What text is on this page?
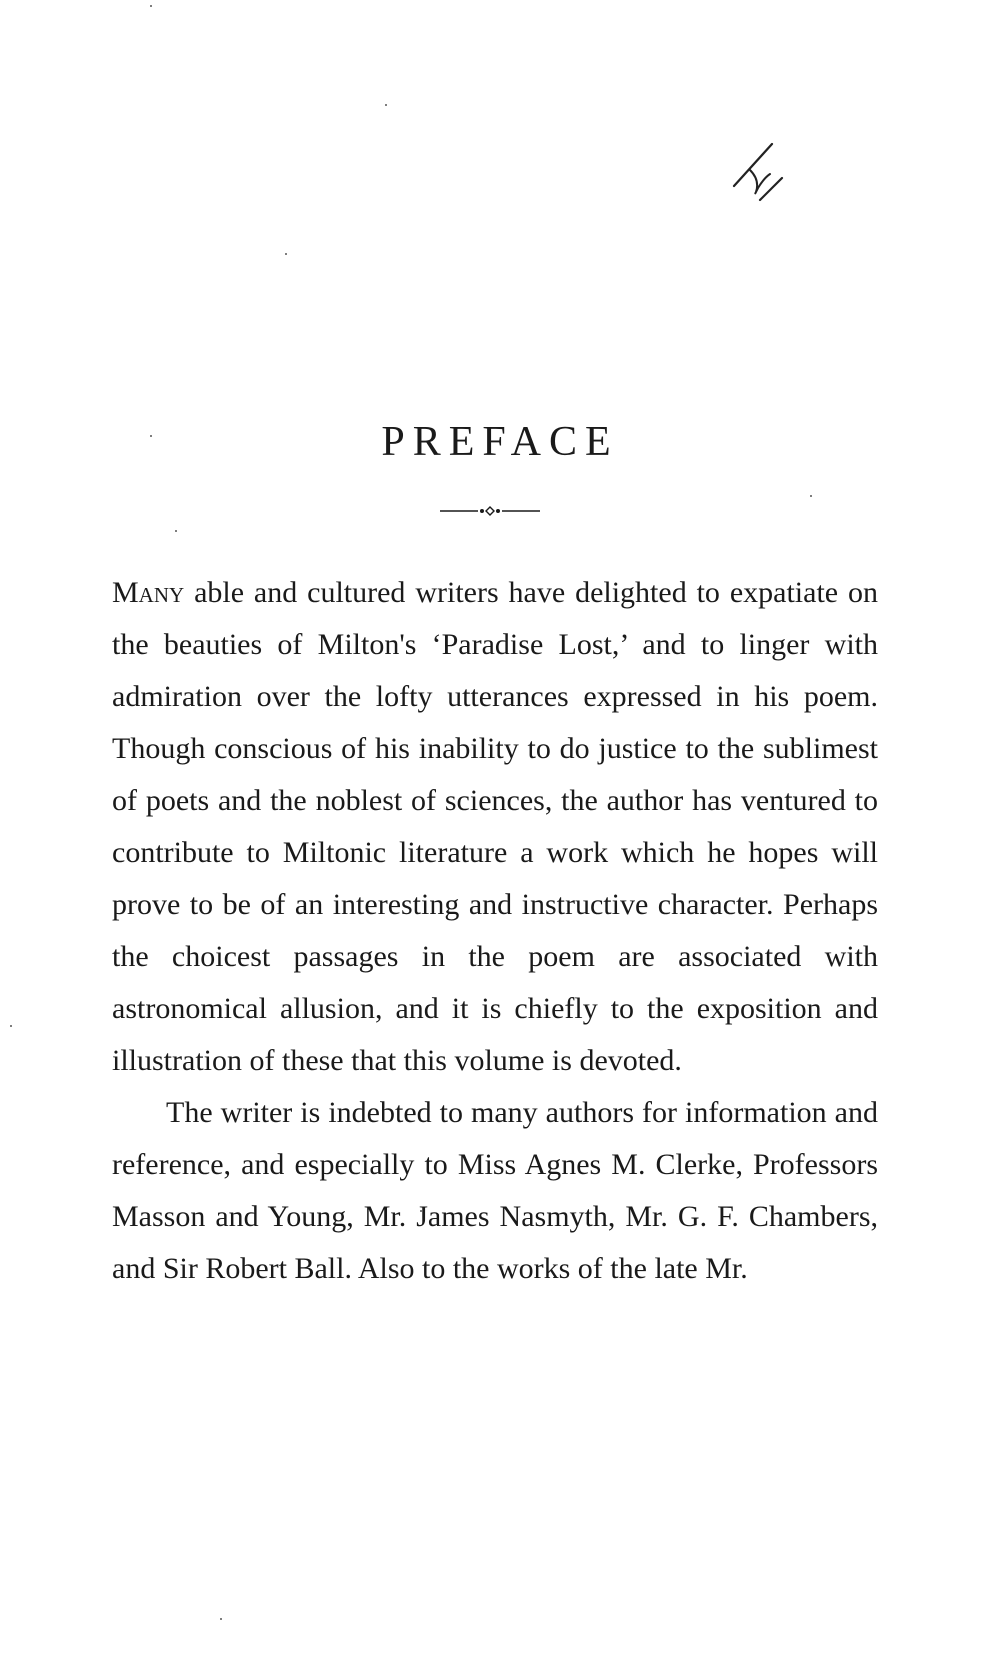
PREFACE

Many able and cultured writers have delighted to expatiate on the beauties of Milton's ‘Paradise Lost,’ and to linger with admiration over the lofty utterances expressed in his poem. Though conscious of his inability to do justice to the sublimest of poets and the noblest of sciences, the author has ventured to contribute to Miltonic literature a work which he hopes will prove to be of an interesting and instructive character. Perhaps the choicest passages in the poem are associated with astronomical allusion, and it is chiefly to the exposition and illustration of these that this volume is devoted.

The writer is indebted to many authors for information and reference, and especially to Miss Agnes M. Clerke, Professors Masson and Young, Mr. James Nasmyth, Mr. G. F. Chambers, and Sir Robert Ball. Also to the works of the late Mr.
